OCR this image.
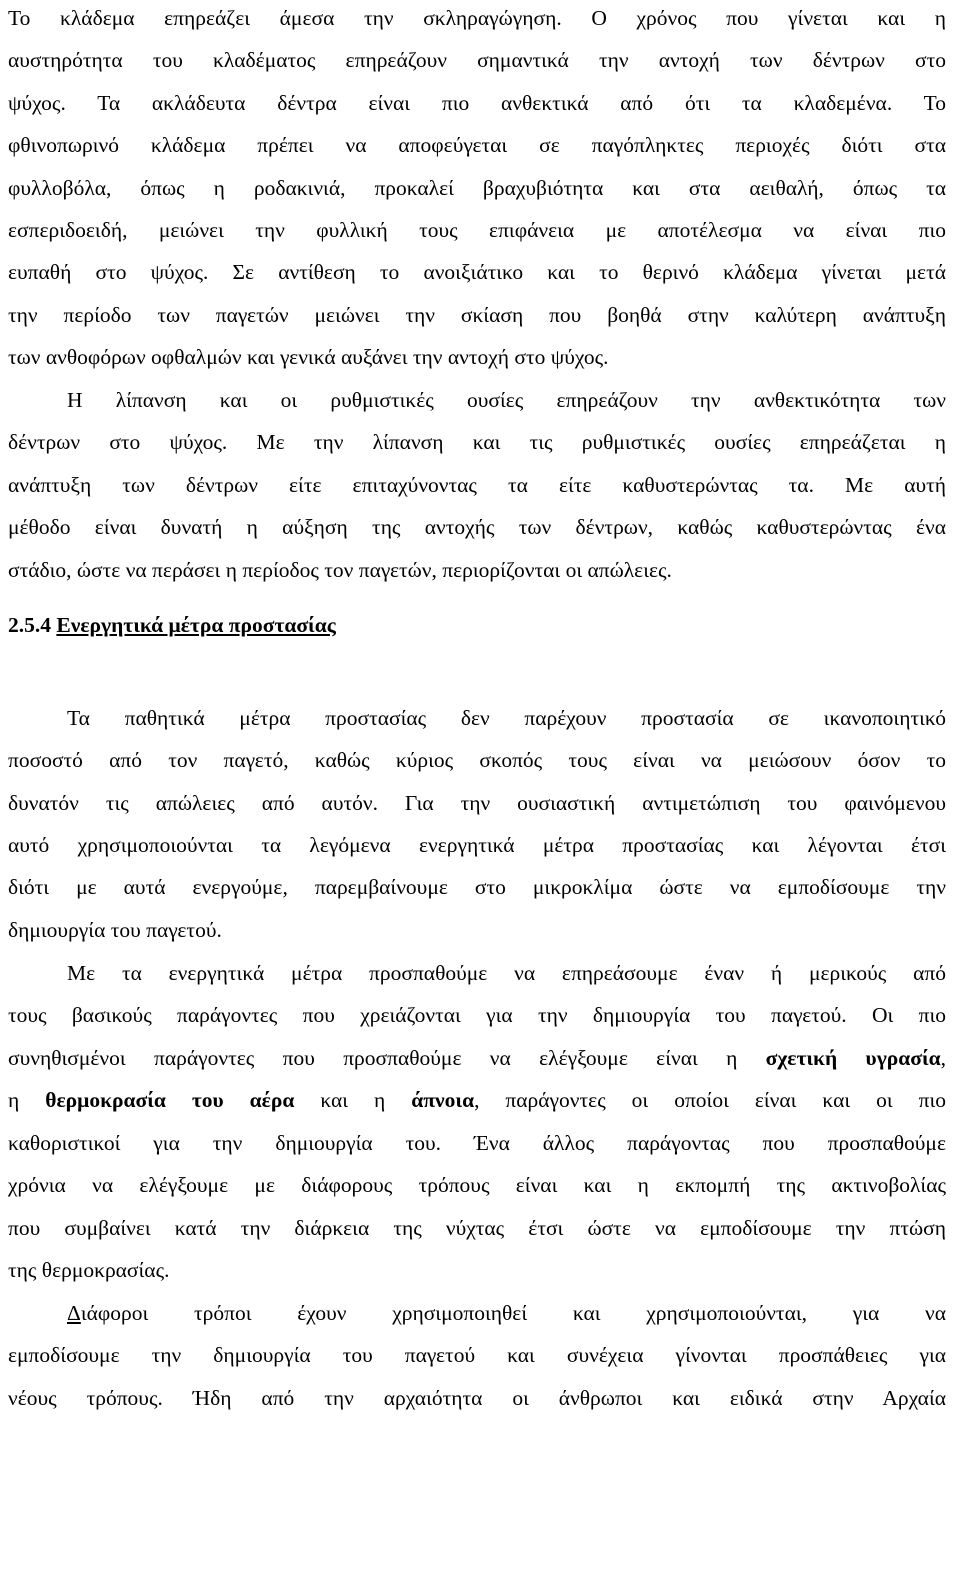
Το κλάδεμα επηρεάζει άμεσα την σκληραγώγηση. Ο χρόνος που γίνεται και η
αυστηρότητα του κλαδέματος επηρεάζουν σημαντικά την αντοχή των δέντρων στο
ψύχος. Τα ακλάδευτα δέντρα είναι πιο ανθεκτικά από ότι τα κλαδεμένα. Το
φθινοπωρινό κλάδεμα πρέπει να αποφεύγεται σε παγόπληκτες περιοχές διότι στα
φυλλοβόλα, όπως η ροδακινιά, προκαλεί βραχυβιότητα και στα αειθαλή, όπως τα
εσπεριδοειδή, μειώνει την φυλλική τους επιφάνεια με αποτέλεσμα να είναι πιο
ευπαθή στο ψύχος. Σε αντίθεση το ανοιξιάτικο και το θερινό κλάδεμα γίνεται μετά
την περίοδο των παγετών μειώνει την σκίαση που βοηθά στην καλύτερη ανάπτυξη
των ανθοφόρων οφθαλμών και γενικά αυξάνει την αντοχή στο ψύχος.
Η λίπανση και οι ρυθμιστικές ουσίες επηρεάζουν την ανθεκτικότητα των
δέντρων στο ψύχος. Με την λίπανση και τις ρυθμιστικές ουσίες επηρεάζεται η
ανάπτυξη των δέντρων είτε επιταχύνοντας τα είτε καθυστερώντας τα. Με αυτή
μέθοδο είναι δυνατή η αύξηση της αντοχής των δέντρων, καθώς καθυστερώντας ένα
στάδιο, ώστε να περάσει η περίοδος τον παγετών, περιορίζονται οι απώλειες.
2.5.4 Ενεργητικά μέτρα προστασίας
Τα παθητικά μέτρα προστασίας δεν παρέχουν προστασία σε ικανοποιητικό
ποσοστό από τον παγετό, καθώς κύριος σκοπός τους είναι να μειώσουν όσον το
δυνατόν τις απώλειες από αυτόν. Για την ουσιαστική αντιμετώπιση του φαινόμενου
αυτό χρησιμοποιούνται τα λεγόμενα ενεργητικά μέτρα προστασίας και λέγονται έτσι
διότι με αυτά ενεργούμε, παρεμβαίνουμε στο μικροκλίμα ώστε να εμποδίσουμε την
δημιουργία του παγετού.
Με τα ενεργητικά μέτρα προσπαθούμε να επηρεάσουμε έναν ή μερικούς από
τους βασικούς παράγοντες που χρειάζονται για την δημιουργία του παγετού. Οι πιο
συνηθισμένοι παράγοντες που προσπαθούμε να ελέγξουμε είναι η σχετική υγρασία,
η θερμοκρασία του αέρα και η άπνοια, παράγοντες οι οποίοι είναι και οι πιο
καθοριστικοί για την δημιουργία του. Ένα άλλος παράγοντας που προσπαθούμε
χρόνια να ελέγξουμε με διάφορους τρόπους είναι και η εκπομπή της ακτινοβολίας
που συμβαίνει κατά την διάρκεια της νύχτας έτσι ώστε να εμποδίσουμε την πτώση
της θερμοκρασίας.
Διάφοροι τρόποι έχουν χρησιμοποιηθεί και χρησιμοποιούνται, για να
εμποδίσουμε την δημιουργία του παγετού και συνέχεια γίνονται προσπάθειες για
νέους τρόπους. Ήδη από την αρχαιότητα οι άνθρωποι και ειδικά στην Αρχαία
